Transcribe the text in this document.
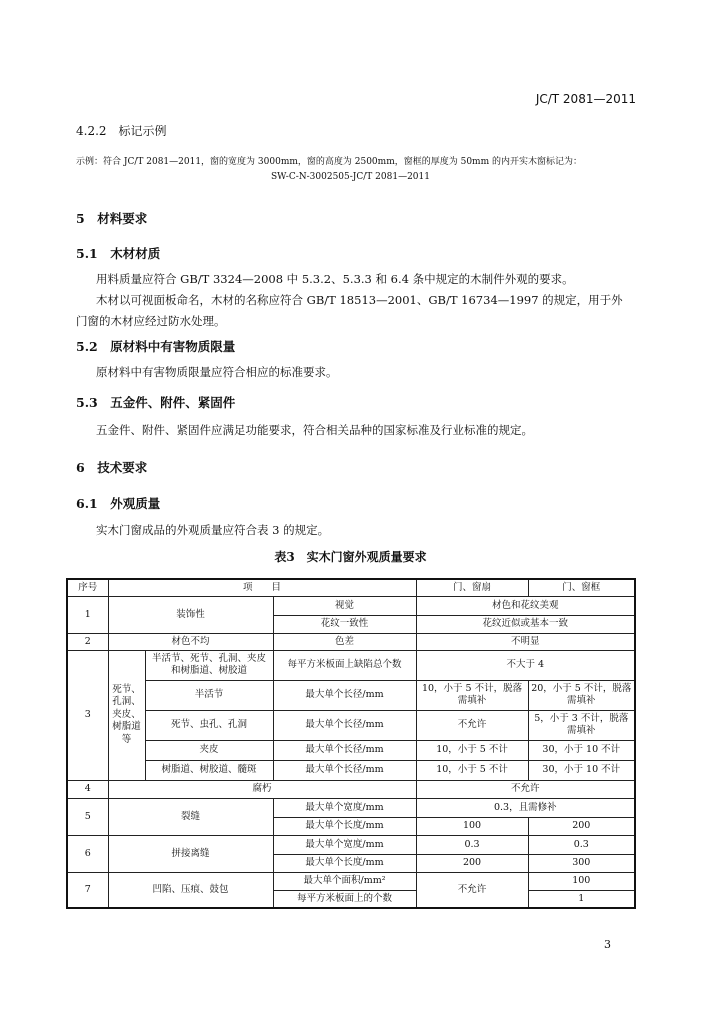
JC/T 2081—2011
4.2.2　标记示例
示例：符合 JC/T 2081—2011，窗的宽度为 3000mm，窗的高度为 2500mm，窗框的厚度为 50mm 的内开实木窗标记为：
SW-C-N-3002505-JC/T 2081—2011
5　材料要求
5.1　木材材质
用料质量应符合 GB/T 3324—2008 中 5.3.2、5.3.3 和 6.4 条中规定的木制件外观的要求。
木材以可视面板命名，木材的名称应符合 GB/T 18513—2001、GB/T 16734—1997 的规定，用于外
门窗的木材应经过防水处理。
5.2　原材料中有害物质限量
原材料中有害物质限量应符合相应的标准要求。
5.3　五金件、附件、紧固件
五金件、附件、紧固件应满足功能要求，符合相关品种的国家标准及行业标准的规定。
6　技术要求
6.1　外观质量
实木门窗成品的外观质量应符合表 3 的规定。
表3　实木门窗外观质量要求
序号	项　　目			门、窗扇	门、窗框
1	装饰性		视觉	材色和花纹美观	
			花纹一致性	花纹近似或基本一致	
2	材色不均		色差	不明显	
3	死节、孔洞、夹皮、树脂道等	半活节、死节、孔洞、夹皮和树脂道、树胶道	每平方米板面上缺陷总个数	不大于 4	
		半活节	最大单个长径/mm	10，小于 5 不计，脱落需填补	20，小于 5 不计，脱落需填补
		死节、虫孔、孔洞	最大单个长径/mm	不允许	5，小于 3 不计，脱落需填补
		夹皮	最大单个长径/mm	10，小于 5 不计	30，小于 10 不计
		树脂道、树胶道、髓斑	最大单个长径/mm	10，小于 5 不计	30，小于 10 不计
4	腐朽			不允许	
5	裂缝		最大单个宽度/mm	0.3，且需修补	
			最大单个长度/mm	100	200
6	拼接离缝		最大单个宽度/mm	0.3	0.3
			最大单个长度/mm	200	300
7	凹陷、压痕、鼓包		最大单个面积/mm²	不允许	100
			每平方米板面上的个数		1
3
